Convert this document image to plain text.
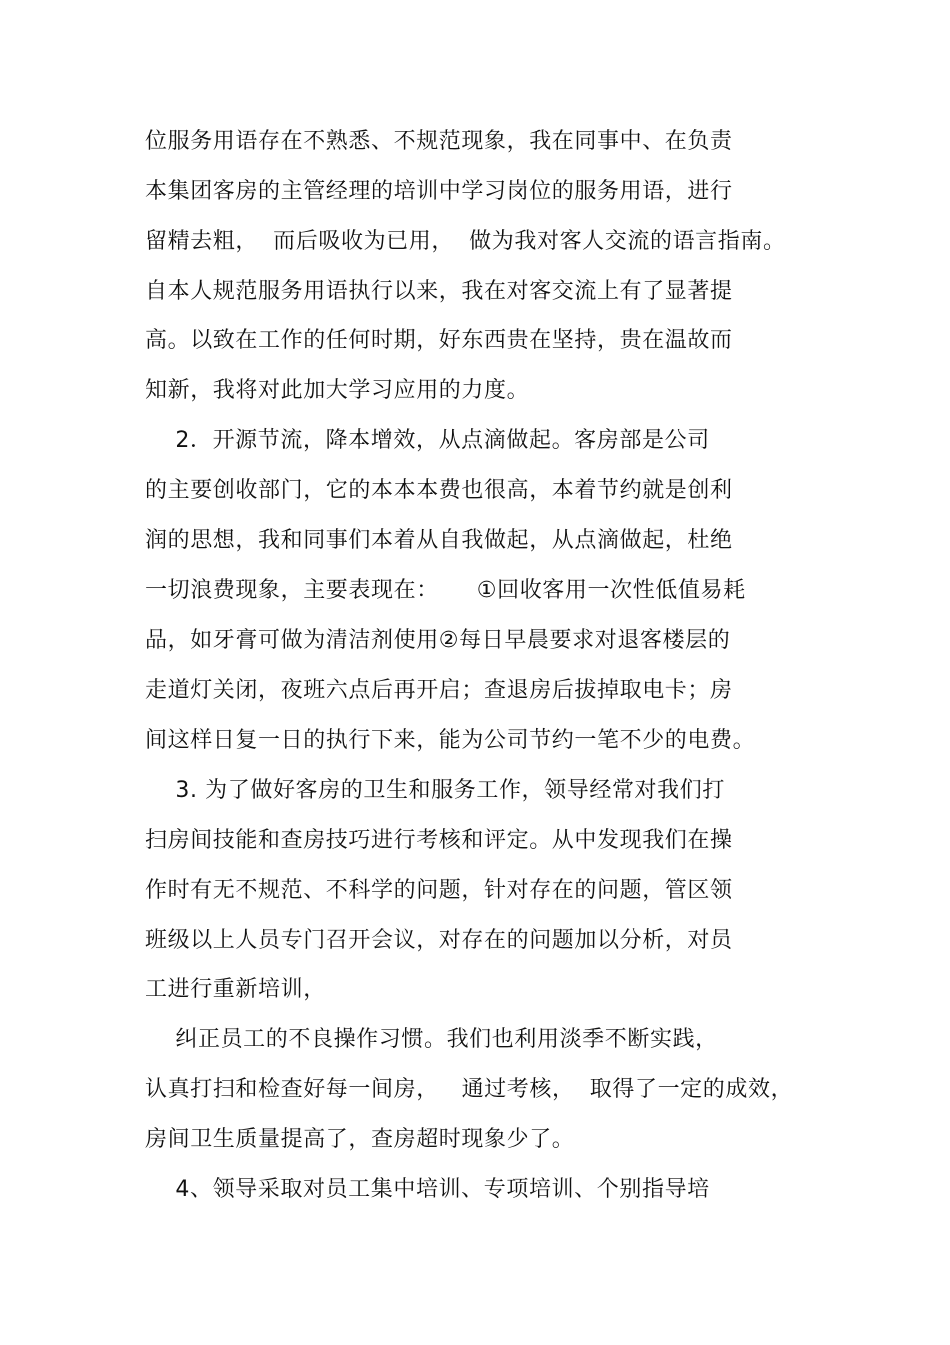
位服务用语存在不熟悉、不规范现象，我在同事中、在负责
本集团客房的主管经理的培训中学习岗位的服务用语，进行
留精去粗，  而后吸收为已用，  做为我对客人交流的语言指南。
自本人规范服务用语执行以来，我在对客交流上有了显著提
高。以致在工作的任何时期，好东西贵在坚持，贵在温故而
知新，我将对此加大学习应用的力度。
2．开源节流，降本增效，从点滴做起。客房部是公司
的主要创收部门，它的本本本费也很高，本着节约就是创利
润的思想，我和同事们本着从自我做起，从点滴做起，杜绝
一切浪费现象，主要表现在：     ①回收客用一次性低值易耗
品，如牙膏可做为清洁剂使用②每日早晨要求对退客楼层的
走道灯关闭，夜班六点后再开启；查退房后拔掉取电卡；房
间这样日复一日的执行下来，能为公司节约一笔不少的电费。
3. 为了做好客房的卫生和服务工作，领导经常对我们打
扫房间技能和查房技巧进行考核和评定。从中发现我们在操
作时有无不规范、不科学的问题，针对存在的问题，管区领
班级以上人员专门召开会议，对存在的问题加以分析，对员
工进行重新培训，
纠正员工的不良操作习惯。我们也利用淡季不断实践，
认真打扫和检查好每一间房，   通过考核，  取得了一定的成效，
房间卫生质量提高了，查房超时现象少了。
4、领导采取对员工集中培训、专项培训、个别指导培
